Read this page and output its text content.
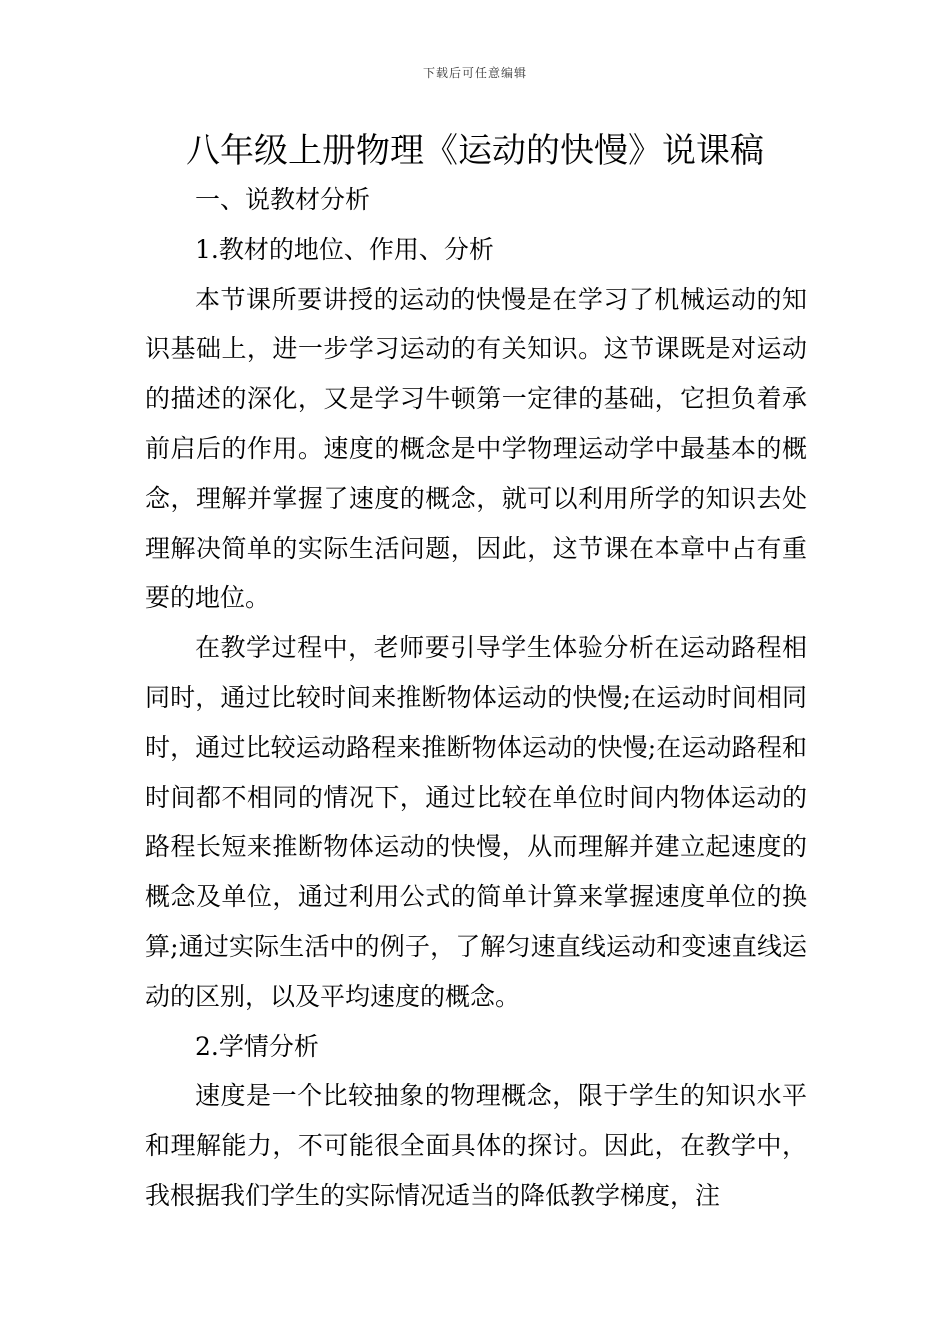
下载后可任意编辑
八年级上册物理《运动的快慢》说课稿

一、说教材分析

1.教材的地位、作用、分析

本节课所要讲授的运动的快慢是在学习了机械运动的知识基础上，进一步学习运动的有关知识。这节课既是对运动的描述的深化，又是学习牛顿第一定律的基础，它担负着承前启后的作用。速度的概念是中学物理运动学中最基本的概念，理解并掌握了速度的概念，就可以利用所学的知识去处理解决简单的实际生活问题，因此，这节课在本章中占有重要的地位。

在教学过程中，老师要引导学生体验分析在运动路程相同时，通过比较时间来推断物体运动的快慢;在运动时间相同时，通过比较运动路程来推断物体运动的快慢;在运动路程和时间都不相同的情况下，通过比较在单位时间内物体运动的路程长短来推断物体运动的快慢，从而理解并建立起速度的概念及单位，通过利用公式的简单计算来掌握速度单位的换算;通过实际生活中的例子，了解匀速直线运动和变速直线运动的区别，以及平均速度的概念。

2.学情分析

速度是一个比较抽象的物理概念，限于学生的知识水平和理解能力，不可能很全面具体的探讨。因此，在教学中，我根据我们学生的实际情况适当的降低教学梯度，注
